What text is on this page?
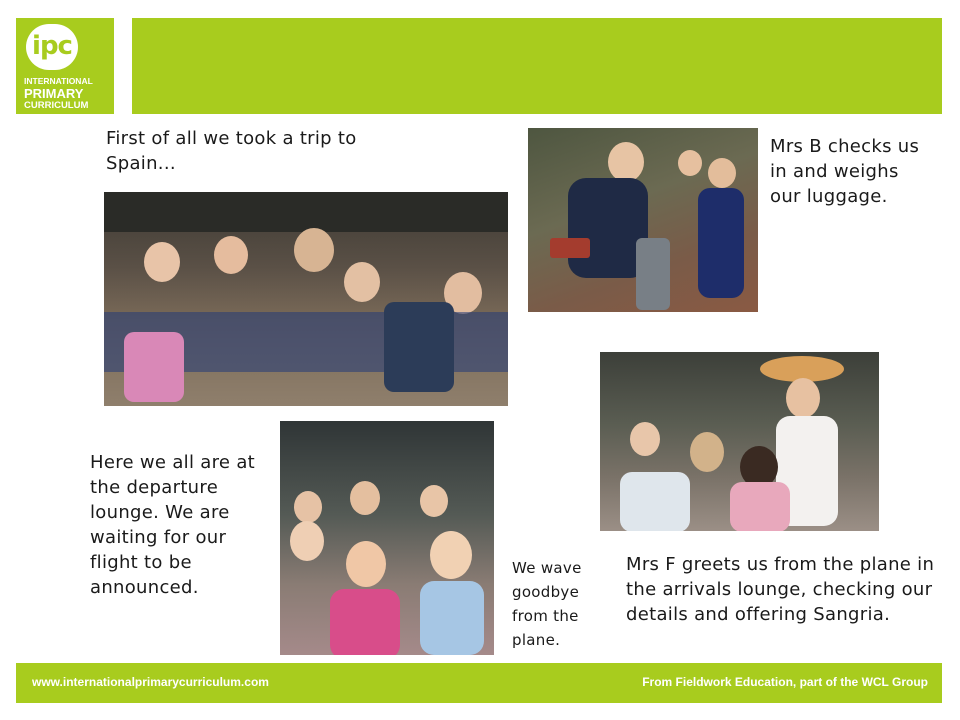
ipc
INTERNATIONAL
PRIMARY
CURRICULUM
First of all we took a trip to Spain...
Mrs B checks us in and weighs our luggage.
Here we all are at the departure lounge. We are waiting for our flight to be announced.
We wave goodbye from the plane.
Mrs F greets us from the plane in the arrivals lounge, checking our details and offering Sangria.
www.internationalprimarycurriculum.com	From Fieldwork Education, part of the WCL Group
